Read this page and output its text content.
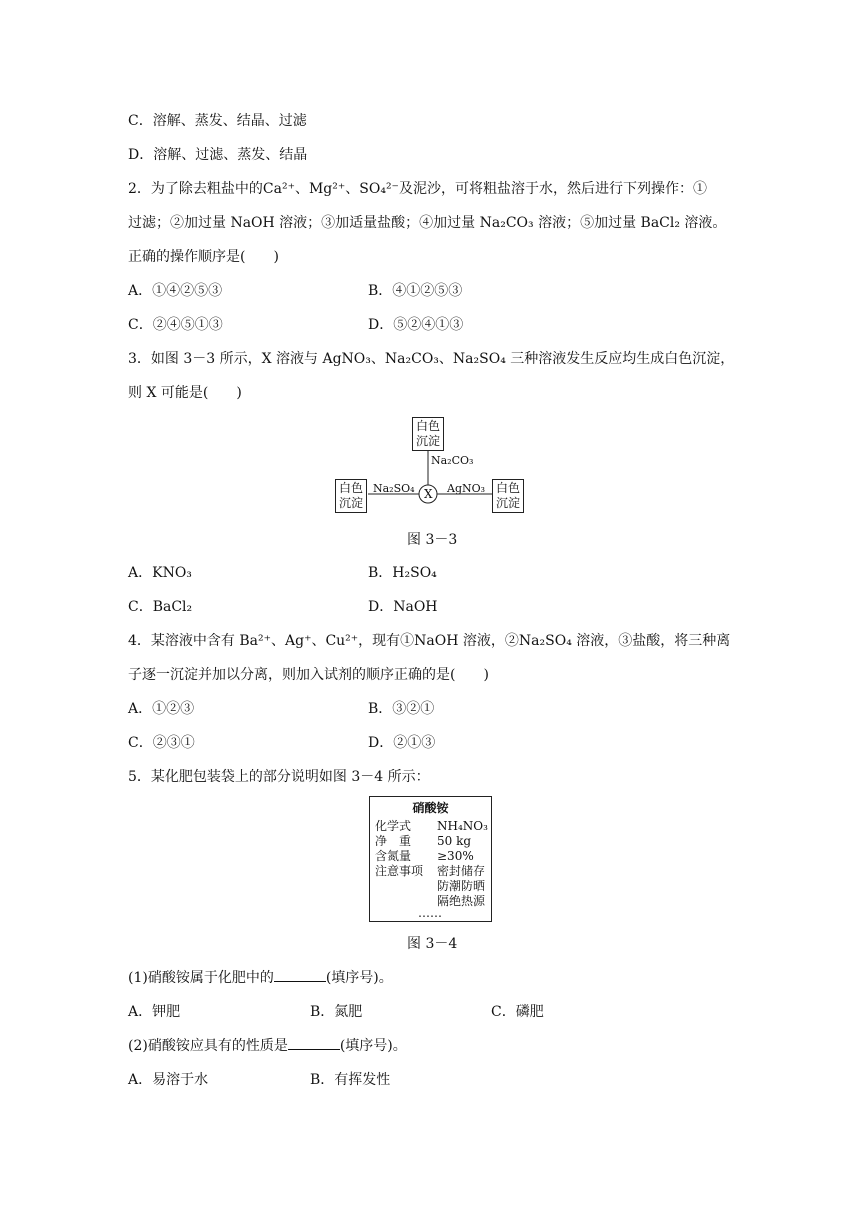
C．溶解、蒸发、结晶、过滤
D．溶解、过滤、蒸发、结晶
2．为了除去粗盐中的Ca²⁺、Mg²⁺、SO₄²⁻及泥沙，可将粗盐溶于水，然后进行下列操作：①
过滤；②加过量 NaOH 溶液；③加适量盐酸；④加过量 Na₂CO₃ 溶液；⑤加过量 BaCl₂ 溶液。
正确的操作顺序是(　　)
A．①④②⑤③	B．④①②⑤③
C．②④⑤①③	D．⑤②④①③
3．如图 3－3 所示，X 溶液与 AgNO₃、Na₂CO₃、Na₂SO₄ 三种溶液发生反应均生成白色沉淀，
则 X 可能是(　　)
X
白色
沉淀
白色
沉淀
白色
沉淀
Na₂CO₃
Na₂SO₄	AgNO₃
图 3－3
A．KNO₃	B．H₂SO₄
C．BaCl₂	D．NaOH
4．某溶液中含有 Ba²⁺、Ag⁺、Cu²⁺，现有①NaOH 溶液，②Na₂SO₄ 溶液，③盐酸，将三种离
子逐一沉淀并加以分离，则加入试剂的顺序正确的是(　　)
A．①②③	B．③②①
C．②③①	D．②①③
5．某化肥包装袋上的部分说明如图 3－4 所示：
硝酸铵
化学式 NH₄NO₃
净　重 50 kg
含氮量 ≥30%
注意事项 密封储存
防潮防晒
隔绝热源
……
图 3－4
(1)硝酸铵属于化肥中的	(填序号)。
A．钾肥	B．氮肥	C．磷肥
(2)硝酸铵应具有的性质是	(填序号)。
A．易溶于水	B．有挥发性
